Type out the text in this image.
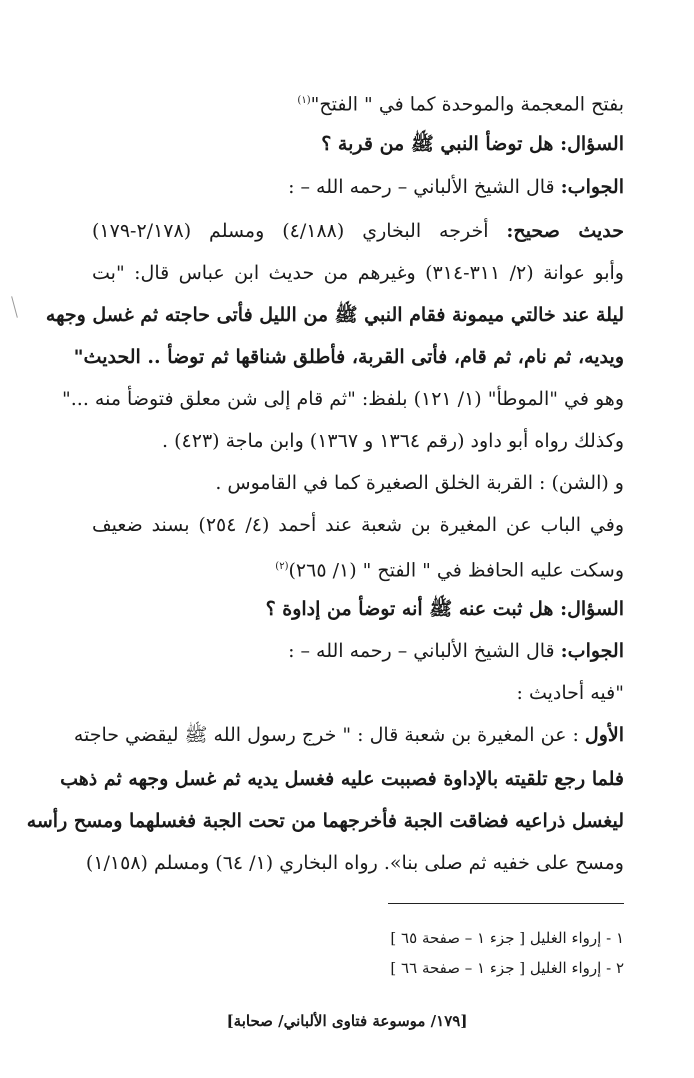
بفتح المعجمة والموحدة كما في " الفتح"$^{(١)}$
السؤال: هل توضأ النبي ﷺ من قربة ؟
الجواب: قال الشيخ الألباني – رحمه الله – :
حديث صحيح: أخرجه البخاري (٤/١٨٨) ومسلم (٢/١٧٨-١٧٩)
وأبو عوانة (٢/ ٣١١-٣١٤) وغيرهم من حديث ابن عباس قال: "بت
ليلة عند خالتي ميمونة فقام النبي ﷺ من الليل فأتى حاجته ثم غسل وجهه
ويديه، ثم نام، ثم قام، فأتى القربة، فأطلق شناقها ثم توضأ .. الحديث"
وهو في "الموطأ" (١/ ١٢١) بلفظ: "ثم قام إلى شن معلق فتوضأ منه ..."
وكذلك رواه أبو داود (رقم ١٣٦٤ و ١٣٦٧) وابن ماجة (٤٢٣) .
و (الشن) : القربة الخلق الصغيرة كما في القاموس .
وفي الباب عن المغيرة بن شعبة عند أحمد (٤/ ٢٥٤) بسند ضعيف
وسكت عليه الحافظ في " الفتح " (١/ ٢٦٥)$^{(٢)}$
السؤال: هل ثبت عنه ﷺ أنه توضأ من إداوة ؟
الجواب: قال الشيخ الألباني – رحمه الله – :
"فيه أحاديث :
الأول : عن المغيرة بن شعبة قال : " خرج رسول الله ﷺ ليقضي حاجته
فلما رجع تلقيته بالإداوة فصببت عليه فغسل يديه ثم غسل وجهه ثم ذهب
ليغسل ذراعيه فضاقت الجبة فأخرجهما من تحت الجبة فغسلهما ومسح رأسه
ومسح على خفيه ثم صلى بنا». رواه البخاري (١/ ٦٤) ومسلم (١/١٥٨)
١ - إرواء الغليل [ جزء ١ – صفحة ٦٥ ]
٢ - إرواء الغليل [ جزء ١ – صفحة ٦٦ ]
[١٧٩/ موسوعة فتاوى الألباني/ صحابة]
